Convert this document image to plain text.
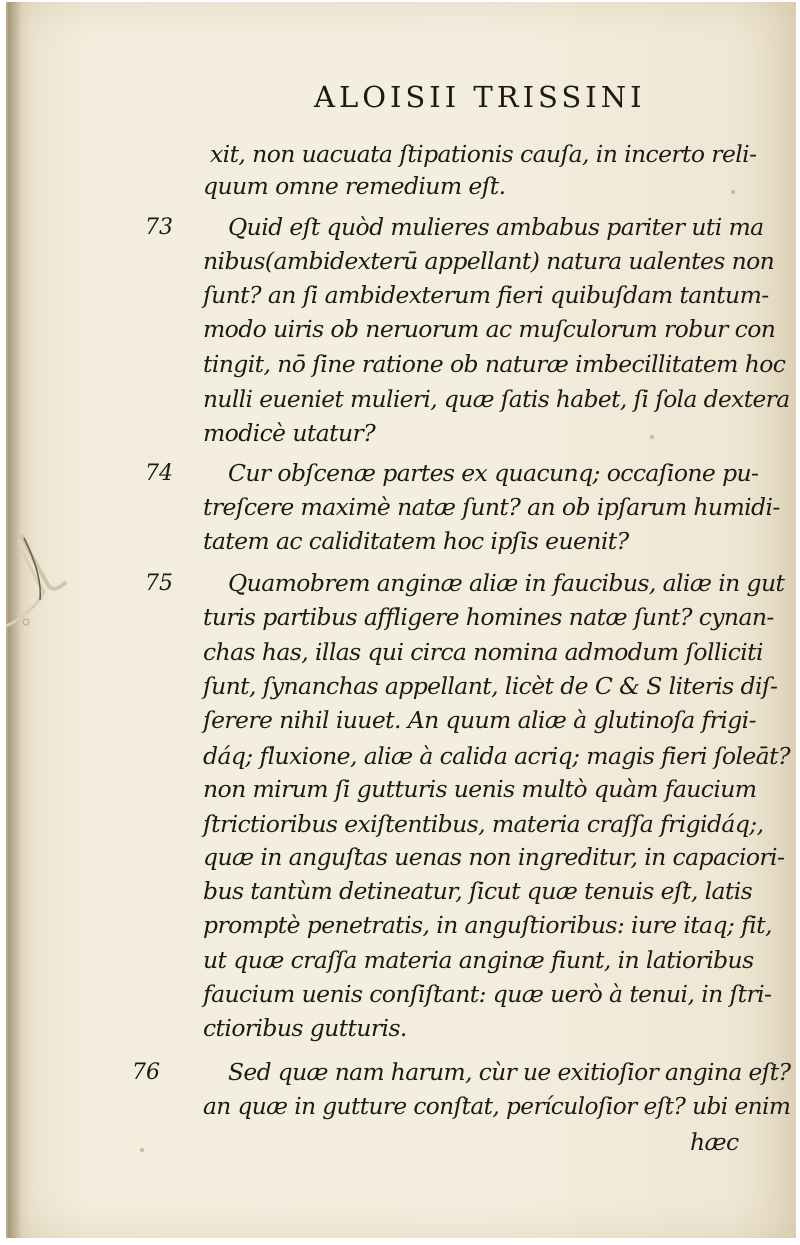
ALOISII TRISSINI
xit, non uacuata ſtipationis cauſa, in incerto reli-
quum omne remedium eſt.
Quid eſt quòd mulieres ambabus pariter uti ma
73
nibus(ambidexterū appellant) natura ualentes non
ſunt? an ſi ambidexterum fieri quibuſdam tantum-
modo uiris ob neruorum ac muſculorum robur con
tingit, nō ſine ratione ob naturæ imbecillitatem hoc
nulli eueniet mulieri, quæ ſatis habet, ſi ſola dextera
modicè utatur?
Cur obſcenæ partes ex quacunq; occaſione pu-
74
treſcere maximè natæ ſunt? an ob ipſarum humidi-
tatem ac caliditatem hoc ipſis euenit?
Quamobrem anginæ aliæ in faucibus, aliæ in gut
75
turis partibus affligere homines natæ ſunt? cynan-
chas has, illas qui circa nomina admodum ſolliciti
ſunt, ſynanchas appellant, licèt de C & S literis diſ-
ſerere nihil iuuet. An quum aliæ à glutinoſa frigi-
dáq; fluxione, aliæ à calida acriq; magis fieri ſoleāt?
non mirum ſi gutturis uenis multò quàm faucium
ſtrictioribus exiſtentibus, materia craſſa frigidáq;,
quæ in anguſtas uenas non ingreditur, in capaciori-
bus tantùm detineatur, ſicut quæ tenuis eſt, latis
promptè penetratis, in anguſtioribus: iure itaq; fit,
ut quæ craſſa materia anginæ fiunt, in latioribus
faucium uenis conſiſtant: quæ uerò à tenui, in ſtri-
ctioribus gutturis.
Sed quæ nam harum, cùr ue exitioſior angina eſt?
76
an quæ in gutture conſtat, perículoſior eſt? ubi enim
hæc
